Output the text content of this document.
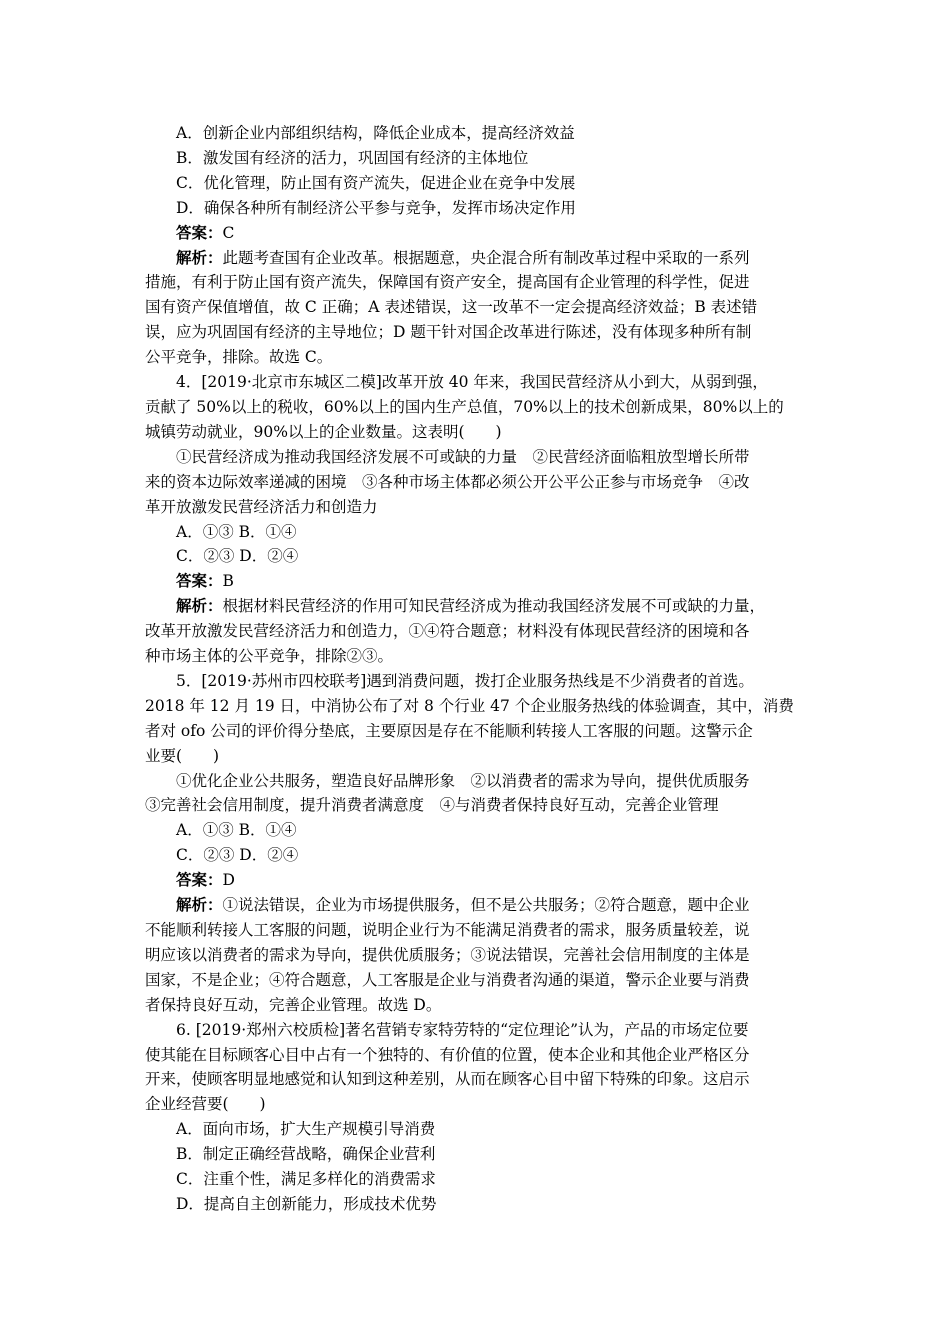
A．创新企业内部组织结构，降低企业成本，提高经济效益
B．激发国有经济的活力，巩固国有经济的主体地位
C．优化管理，防止国有资产流失，促进企业在竞争中发展
D．确保各种所有制经济公平参与竞争，发挥市场决定作用
答案：C
解析：此题考查国有企业改革。根据题意，央企混合所有制改革过程中采取的一系列
措施，有利于防止国有资产流失，保障国有资产安全，提高国有企业管理的科学性，促进
国有资产保值增值，故 C 正确；A 表述错误，这一改革不一定会提高经济效益；B 表述错
误，应为巩固国有经济的主导地位；D 题干针对国企改革进行陈述，没有体现多种所有制
公平竞争，排除。故选 C。
4．[2019·北京市东城区二模]改革开放 40 年来，我国民营经济从小到大，从弱到强，
贡献了 50%以上的税收，60%以上的国内生产总值，70%以上的技术创新成果，80%以上的
城镇劳动就业，90%以上的企业数量。这表明(　　)
①民营经济成为推动我国经济发展不可或缺的力量　②民营经济面临粗放型增长所带
来的资本边际效率递减的困境　③各种市场主体都必须公开公平公正参与市场竞争　④改
革开放激发民营经济活力和创造力
A．①③ B．①④
C．②③ D．②④
答案：B
解析：根据材料民营经济的作用可知民营经济成为推动我国经济发展不可或缺的力量，
改革开放激发民营经济活力和创造力，①④符合题意；材料没有体现民营经济的困境和各
种市场主体的公平竞争，排除②③。
5．[2019·苏州市四校联考]遇到消费问题，拨打企业服务热线是不少消费者的首选。
2018 年 12 月 19 日，中消协公布了对 8 个行业 47 个企业服务热线的体验调查，其中，消费
者对 ofo 公司的评价得分垫底，主要原因是存在不能顺利转接人工客服的问题。这警示企
业要(　　)
①优化企业公共服务，塑造良好品牌形象　②以消费者的需求为导向，提供优质服务
③完善社会信用制度，提升消费者满意度　④与消费者保持良好互动，完善企业管理
A．①③ B．①④
C．②③ D．②④
答案：D
解析：①说法错误，企业为市场提供服务，但不是公共服务；②符合题意，题中企业
不能顺利转接人工客服的问题，说明企业行为不能满足消费者的需求，服务质量较差，说
明应该以消费者的需求为导向，提供优质服务；③说法错误，完善社会信用制度的主体是
国家，不是企业；④符合题意，人工客服是企业与消费者沟通的渠道，警示企业要与消费
者保持良好互动，完善企业管理。故选 D。
6. [2019·郑州六校质检]著名营销专家特劳特的“定位理论”认为，产品的市场定位要
使其能在目标顾客心目中占有一个独特的、有价值的位置，使本企业和其他企业严格区分
开来，使顾客明显地感觉和认知到这种差别，从而在顾客心目中留下特殊的印象。这启示
企业经营要(　　)
A．面向市场，扩大生产规模引导消费
B．制定正确经营战略，确保企业营利
C．注重个性，满足多样化的消费需求
D．提高自主创新能力，形成技术优势
